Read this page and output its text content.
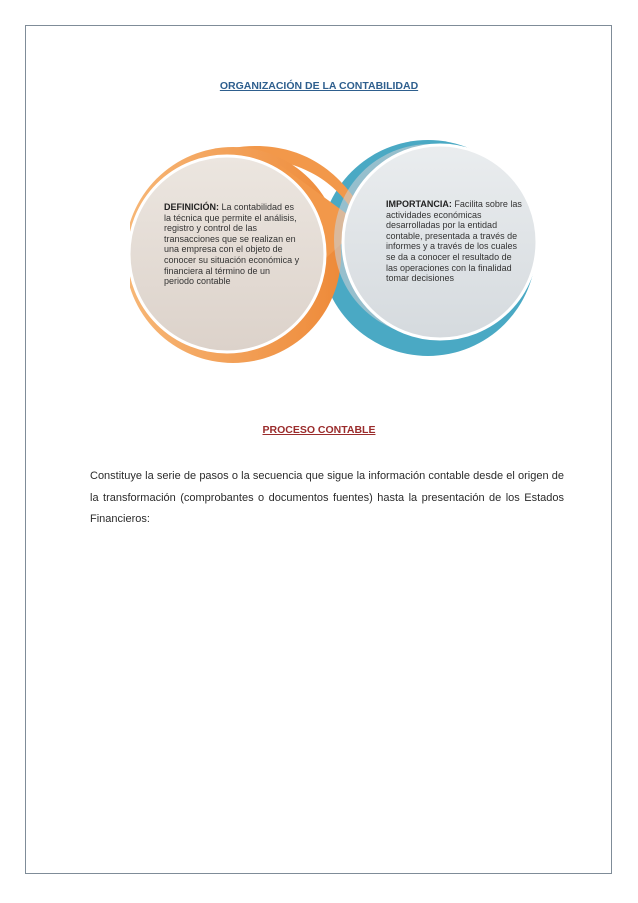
ORGANIZACIÓN DE LA CONTABILIDAD
DEFINICIÓN: La contabilidad es la técnica que permite el análisis, registro y control de las transacciones que se realizan en una empresa con el objeto de conocer su situación económica y financiera al término de un periodo contable
IMPORTANCIA: Facilita sobre las actividades económicas desarrolladas por la entidad contable, presentada a través de informes y a través de los cuales se da a conocer el resultado de las operaciones con la finalidad tomar decisiones
PROCESO CONTABLE
Constituye la serie de pasos o la secuencia que sigue la información contable desde el origen de la transformación (comprobantes o documentos fuentes) hasta la presentación de los Estados Financieros:
